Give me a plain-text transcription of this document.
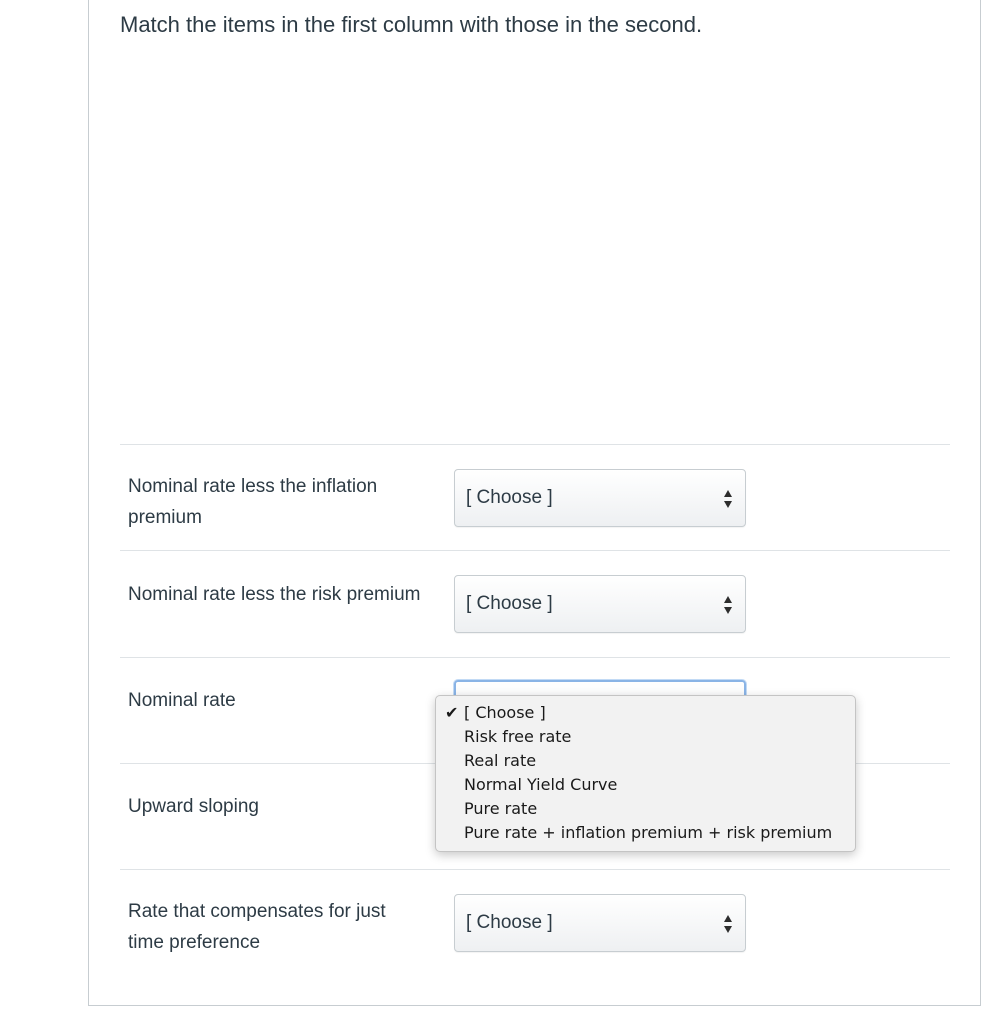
Match the items in the first column with those in the second.
Nominal rate less the inflation
premium
[ Choose ]
Nominal rate less the risk premium [ Choose ]
Nominal rate
Upward sloping
Rate that compensates for just
time preference
[ Choose ]
✔ [ Choose ]
Risk free rate
Real rate
Normal Yield Curve
Pure rate
Pure rate + inflation premium + risk premium
